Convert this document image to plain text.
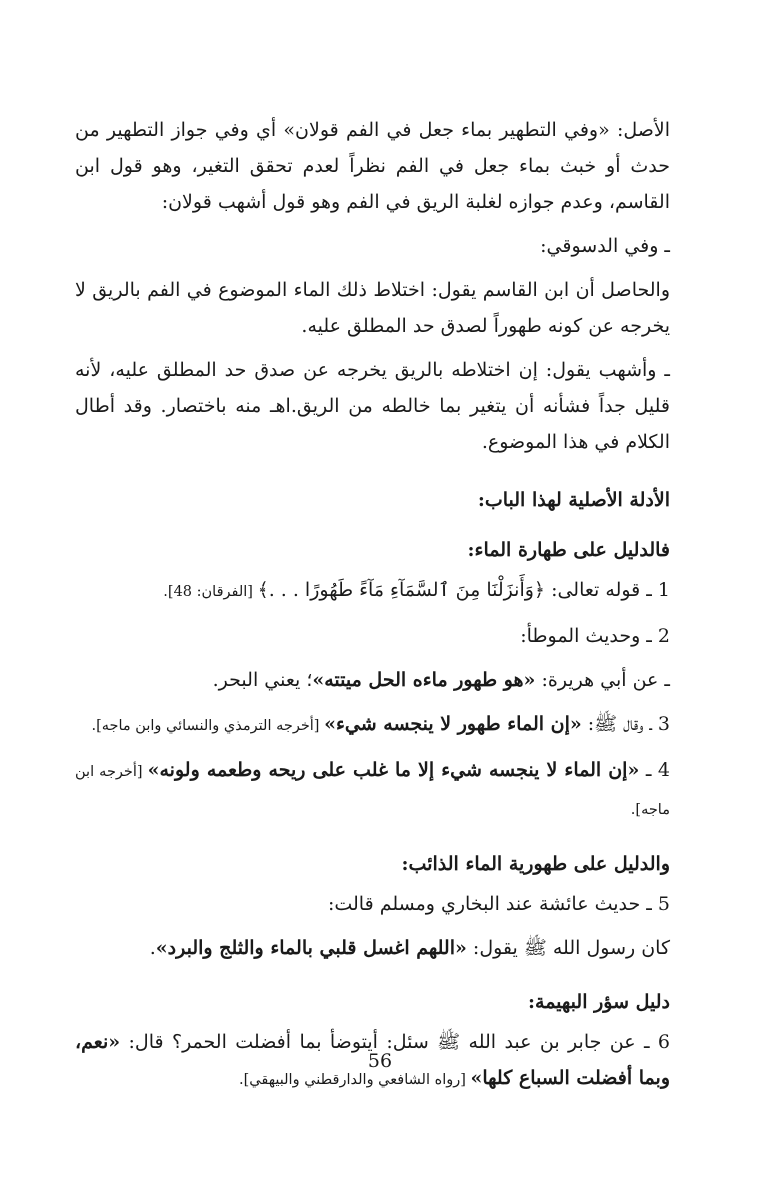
الأصل: «وفي التطهير بماء جعل في الفم قولان» أي وفي جواز التطهير من حدث أو خبث بماء جعل في الفم نظراً لعدم تحقق التغير، وهو قول ابن القاسم، وعدم جوازه لغلبة الريق في الفم وهو قول أشهب قولان:

ـ وفي الدسوقي:

والحاصل أن ابن القاسم يقول: اختلاط ذلك الماء الموضوع في الفم بالريق لا يخرجه عن كونه طهوراً لصدق حد المطلق عليه.

ـ وأشهب يقول: إن اختلاطه بالريق يخرجه عن صدق حد المطلق عليه، لأنه قليل جداً فشأنه أن يتغير بما خالطه من الريق.اهـ منه باختصار. وقد أطال الكلام في هذا الموضوع.

الأدلة الأصلية لهذا الباب:

فالدليل على طهارة الماء:

1 ـ قوله تعالى: ﴿وَأَنزَلْنَا مِنَ ٱلسَّمَآءِ مَآءً طَهُورًا . . .﴾ [الفرقان: 48].

2 ـ وحديث الموطأ:

ـ عن أبي هريرة: «هو طهور ماءه الحل ميتته»؛ يعني البحر.

3 ـ وقال ﷺ: «إن الماء طهور لا ينجسه شيء» [أخرجه الترمذي والنسائي وابن ماجه].

4 ـ «إن الماء لا ينجسه شيء إلا ما غلب على ريحه وطعمه ولونه» [أخرجه ابن ماجه].

والدليل على طهورية الماء الذائب:

5 ـ حديث عائشة عند البخاري ومسلم قالت:

كان رسول الله ﷺ يقول: «اللهم اغسل قلبي بالماء والثلج والبرد».

دليل سؤر البهيمة:

6 ـ عن جابر بن عبد الله ﷺ سئل: أيتوضأ بما أفضلت الحمر؟ قال: «نعم، وبما أفضلت السباع كلها» [رواه الشافعي والدارقطني والبيهقي].

56
